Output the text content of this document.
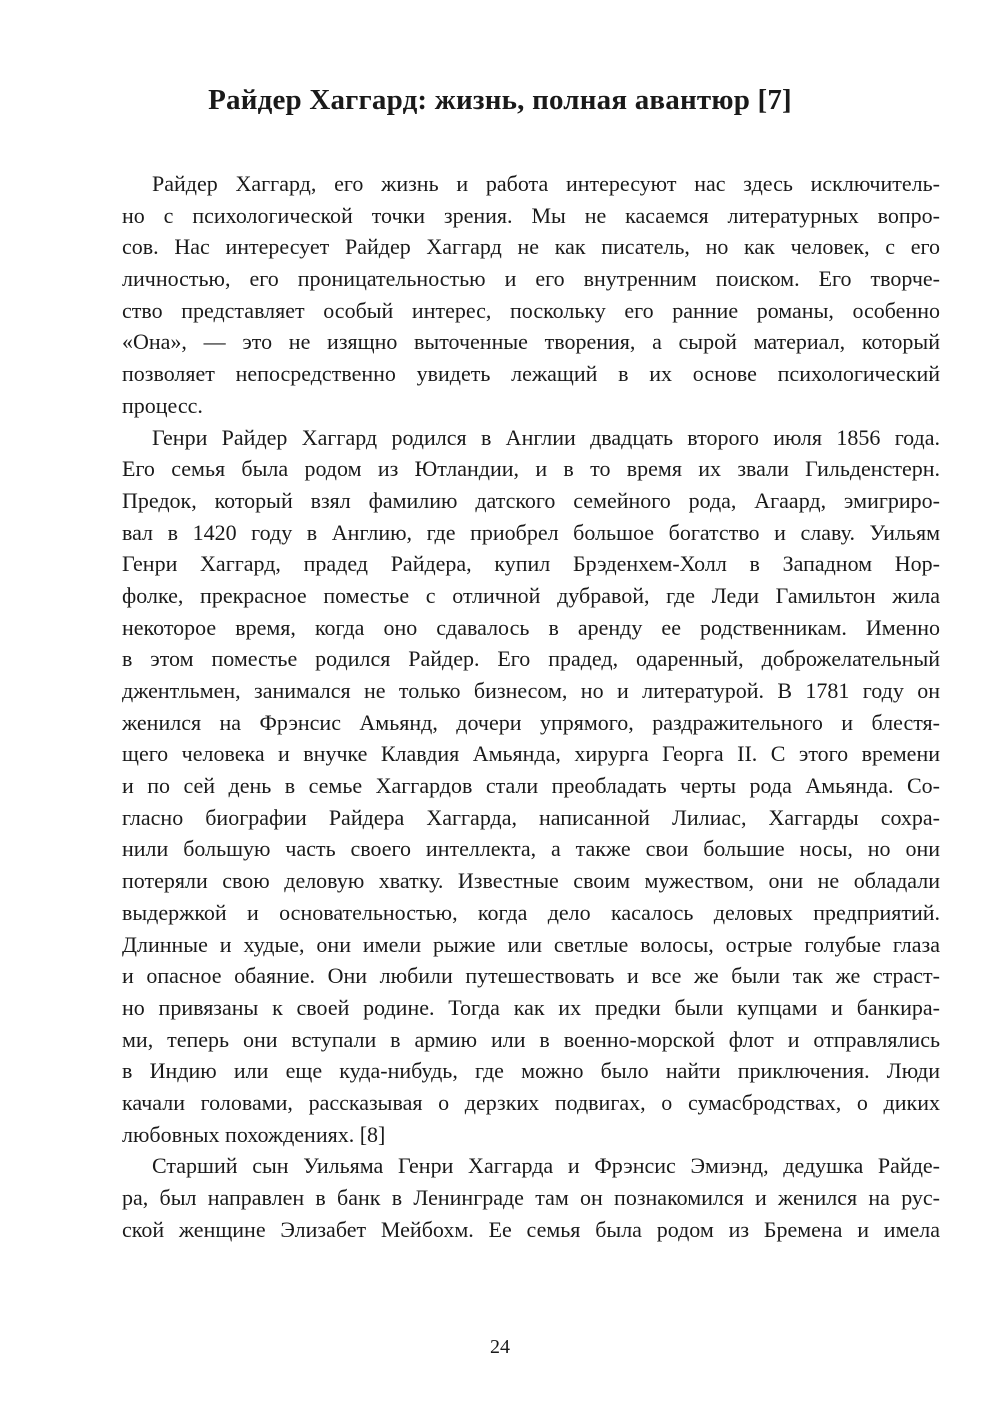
Райдер Хаггард: жизнь, полная авантюр [7]
Райдер Хаггард, его жизнь и работа интересуют нас здесь исключитель-
но с психологической точки зрения. Мы не касаемся литературных вопро-
сов. Нас интересует Райдер Хаггард не как писатель, но как человек, с его
личностью, его проницательностью и его внутренним поиском. Его творче-
ство представляет особый интерес, поскольку его ранние романы, особенно
«Она», — это не изящно выточенные творения, а сырой материал, который
позволяет непосредственно увидеть лежащий в их основе психологический
процесс.
Генри Райдер Хаггард родился в Англии двадцать второго июля 1856 года.
Его семья была родом из Ютландии, и в то время их звали Гильденстерн.
Предок, который взял фамилию датского семейного рода, Агаард, эмигриро-
вал в 1420 году в Англию, где приобрел большое богатство и славу. Уильям
Генри Хаггард, прадед Райдера, купил Брэденхем-Холл в Западном Нор-
фолке, прекрасное поместье с отличной дубравой, где Леди Гамильтон жила
некоторое время, когда оно сдавалось в аренду ее родственникам. Именно
в этом поместье родился Райдер. Его прадед, одаренный, доброжелательный
джентльмен, занимался не только бизнесом, но и литературой. В 1781 году он
женился на Фрэнсис Амьянд, дочери упрямого, раздражительного и блестя-
щего человека и внучке Клавдия Амьянда, хирурга Георга II. С этого времени
и по сей день в семье Хаггардов стали преобладать черты рода Амьянда. Со-
гласно биографии Райдера Хаггарда, написанной Лилиас, Хаггарды сохра-
нили большую часть своего интеллекта, а также свои большие носы, но они
потеряли свою деловую хватку. Известные своим мужеством, они не обладали
выдержкой и основательностью, когда дело касалось деловых предприятий.
Длинные и худые, они имели рыжие или светлые волосы, острые голубые глаза
и опасное обаяние. Они любили путешествовать и все же были так же страст-
но привязаны к своей родине. Тогда как их предки были купцами и банкира-
ми, теперь они вступали в армию или в военно-морской флот и отправлялись
в Индию или еще куда-нибудь, где можно было найти приключения. Люди
качали головами, рассказывая о дерзких подвигах, о сумасбродствах, о диких
любовных похождениях. [8]
Старший сын Уильяма Генри Хаггарда и Фрэнсис Эмиэнд, дедушка Райде-
ра, был направлен в банк в Ленинграде там он познакомился и женился на рус-
ской женщине Элизабет Мейбохм. Ее семья была родом из Бремена и имела
24
